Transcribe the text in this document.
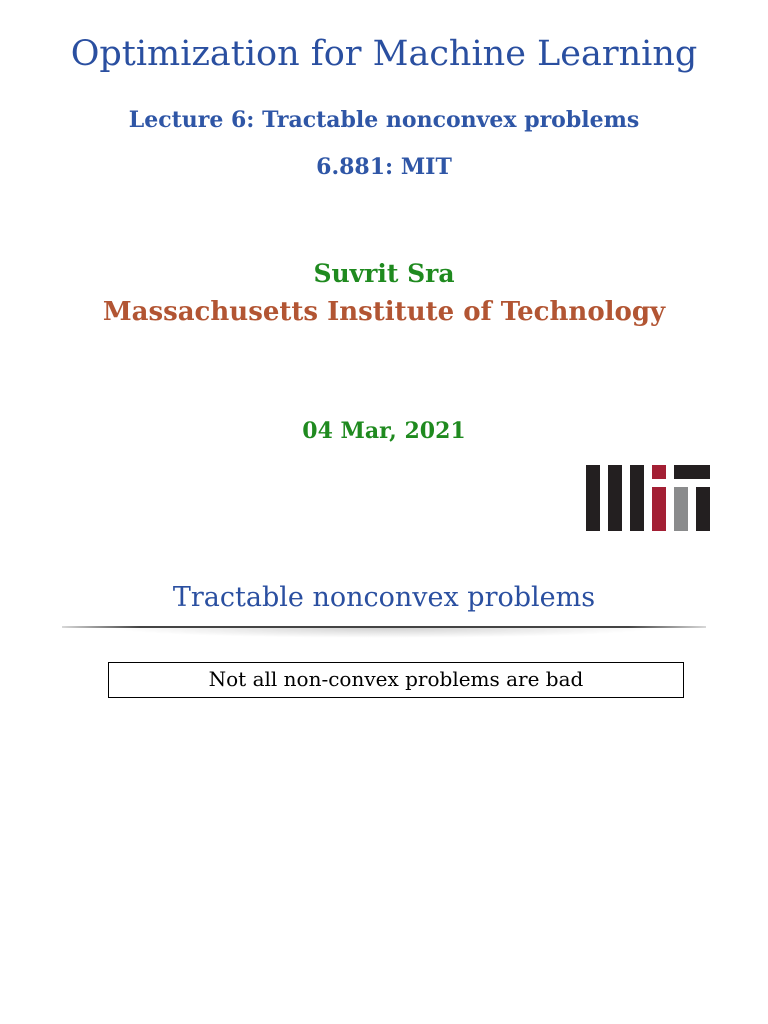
Optimization for Machine Learning
Lecture 6: Tractable nonconvex problems
6.881: MIT
Suvrit Sra
Massachusetts Institute of Technology
04 Mar, 2021
Tractable nonconvex problems
Not all non-convex problems are bad
